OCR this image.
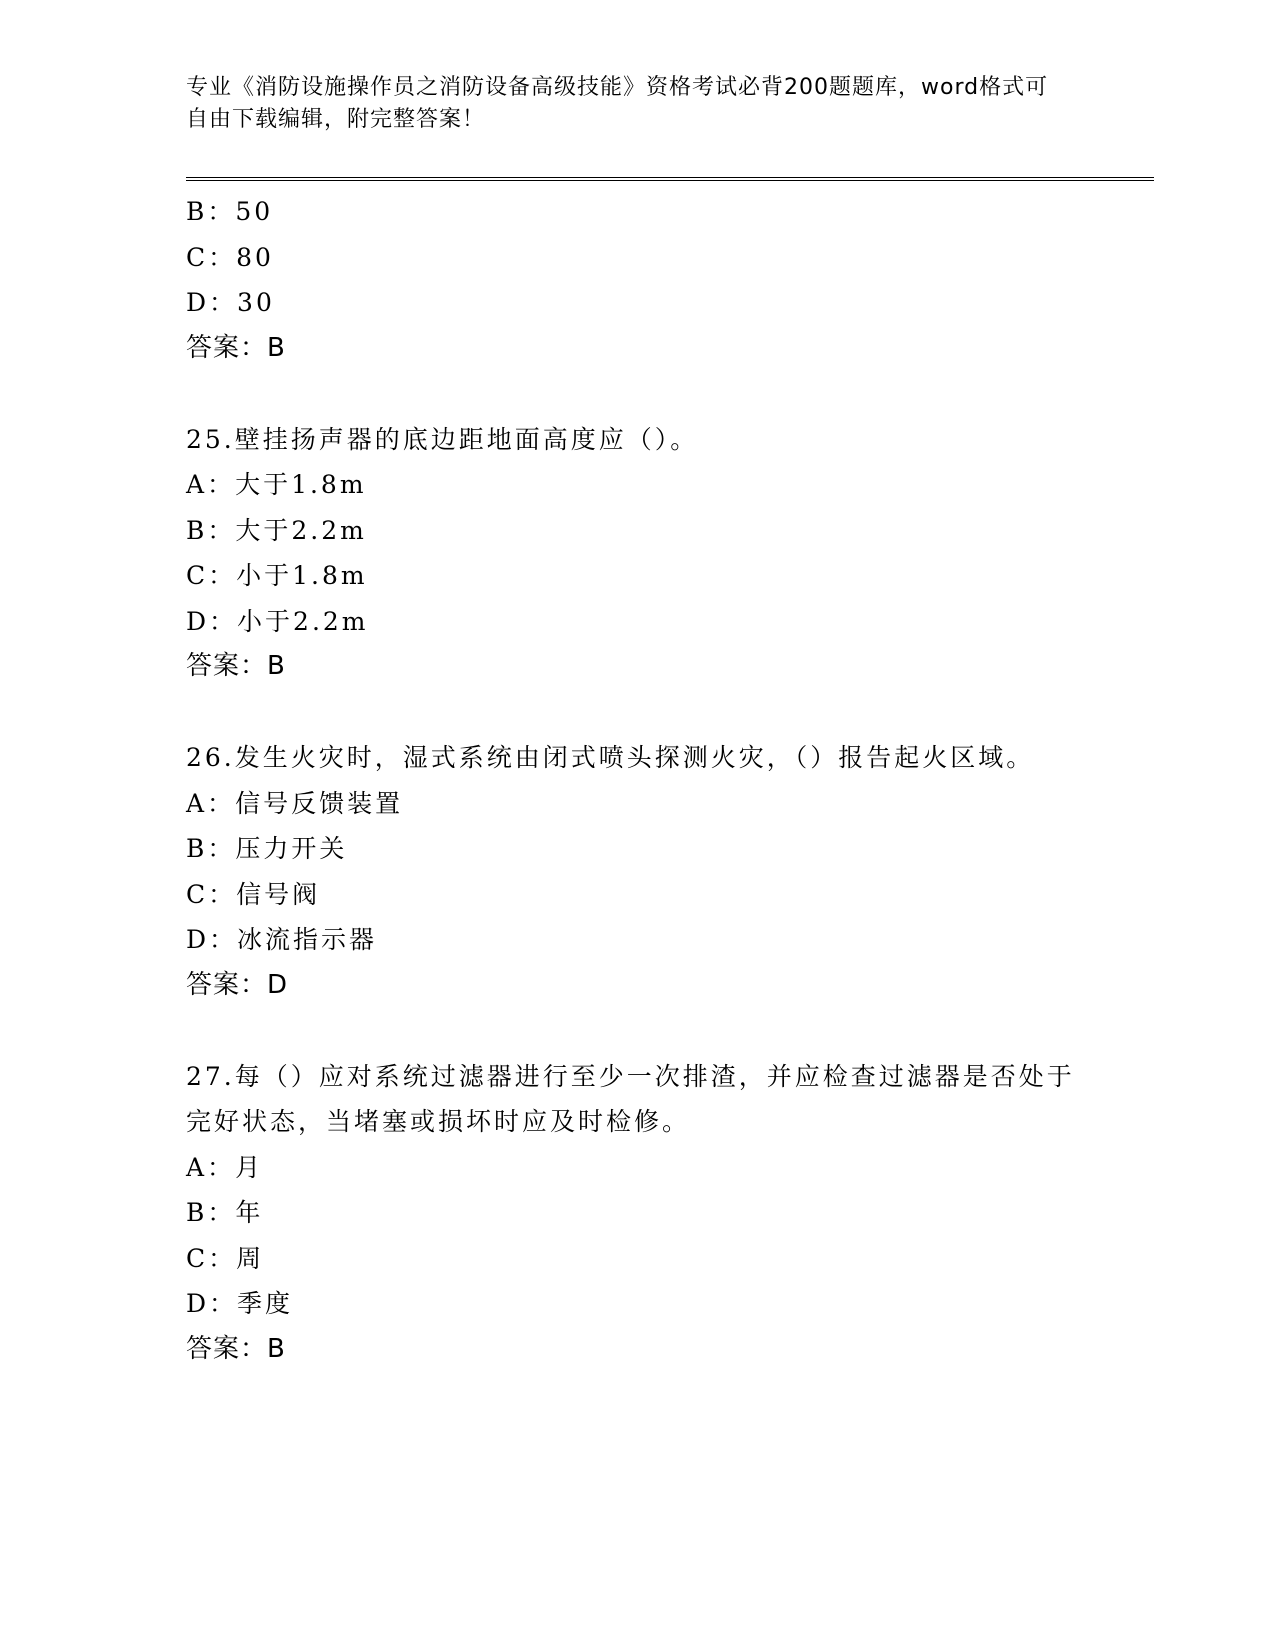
专业《消防设施操作员之消防设备高级技能》资格考试必背200题题库，word格式可自由下载编辑，附完整答案！
B：50
C：80
D：30
答案：B
25.壁挂扬声器的底边距地面高度应（）。
A：大于1.8m
B：大于2.2m
C：小于1.8m
D：小于2.2m
答案：B
26.发生火灾时，湿式系统由闭式喷头探测火灾，（）报告起火区域。
A：信号反馈装置
B：压力开关
C：信号阀
D：冰流指示器
答案：D
27.每（）应对系统过滤器进行至少一次排渣，并应检查过滤器是否处于完好状态，当堵塞或损坏时应及时检修。
A：月
B：年
C：周
D：季度
答案：B
